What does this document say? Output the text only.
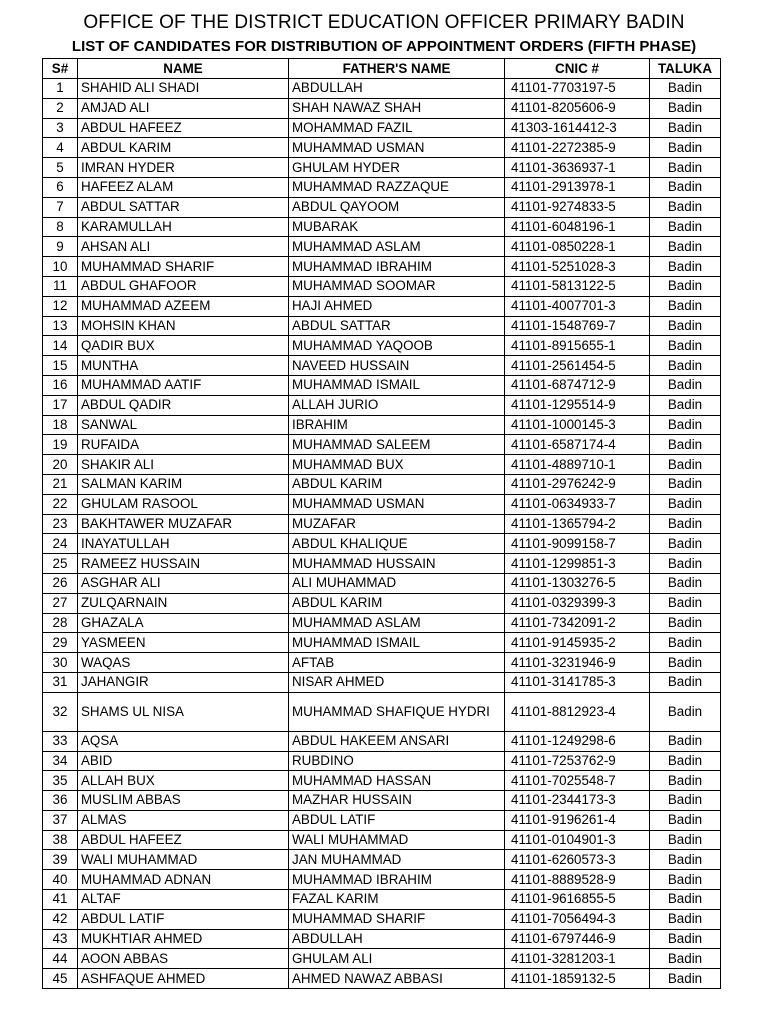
OFFICE OF THE DISTRICT EDUCATION OFFICER PRIMARY BADIN
LIST OF CANDIDATES FOR DISTRIBUTION OF APPOINTMENT ORDERS (FIFTH PHASE)
S#	NAME	FATHER'S NAME	CNIC #	TALUKA
1	SHAHID ALI SHADI	ABDULLAH	41101-7703197-5	Badin
2	AMJAD ALI	SHAH NAWAZ SHAH	41101-8205606-9	Badin
3	ABDUL HAFEEZ	MOHAMMAD FAZIL	41303-1614412-3	Badin
4	ABDUL KARIM	MUHAMMAD USMAN	41101-2272385-9	Badin
5	IMRAN HYDER	GHULAM HYDER	41101-3636937-1	Badin
6	HAFEEZ ALAM	MUHAMMAD RAZZAQUE	41101-2913978-1	Badin
7	ABDUL SATTAR	ABDUL QAYOOM	41101-9274833-5	Badin
8	KARAMULLAH	MUBARAK	41101-6048196-1	Badin
9	AHSAN ALI	MUHAMMAD ASLAM	41101-0850228-1	Badin
10	MUHAMMAD SHARIF	MUHAMMAD IBRAHIM	41101-5251028-3	Badin
11	ABDUL GHAFOOR	MUHAMMAD SOOMAR	41101-5813122-5	Badin
12	MUHAMMAD AZEEM	HAJI AHMED	41101-4007701-3	Badin
13	MOHSIN KHAN	ABDUL SATTAR	41101-1548769-7	Badin
14	QADIR BUX	MUHAMMAD YAQOOB	41101-8915655-1	Badin
15	MUNTHA	NAVEED HUSSAIN	41101-2561454-5	Badin
16	MUHAMMAD AATIF	MUHAMMAD ISMAIL	41101-6874712-9	Badin
17	ABDUL QADIR	ALLAH JURIO	41101-1295514-9	Badin
18	SANWAL	IBRAHIM	41101-1000145-3	Badin
19	RUFAIDA	MUHAMMAD SALEEM	41101-6587174-4	Badin
20	SHAKIR ALI	MUHAMMAD BUX	41101-4889710-1	Badin
21	SALMAN KARIM	ABDUL KARIM	41101-2976242-9	Badin
22	GHULAM RASOOL	MUHAMMAD USMAN	41101-0634933-7	Badin
23	BAKHTAWER MUZAFAR	MUZAFAR	41101-1365794-2	Badin
24	INAYATULLAH	ABDUL KHALIQUE	41101-9099158-7	Badin
25	RAMEEZ HUSSAIN	MUHAMMAD HUSSAIN	41101-1299851-3	Badin
26	ASGHAR ALI	ALI MUHAMMAD	41101-1303276-5	Badin
27	ZULQARNAIN	ABDUL KARIM	41101-0329399-3	Badin
28	GHAZALA	MUHAMMAD ASLAM	41101-7342091-2	Badin
29	YASMEEN	MUHAMMAD ISMAIL	41101-9145935-2	Badin
30	WAQAS	AFTAB	41101-3231946-9	Badin
31	JAHANGIR	NISAR AHMED	41101-3141785-3	Badin
32	SHAMS UL NISA	MUHAMMAD SHAFIQUE HYDRI	41101-8812923-4	Badin
33	AQSA	ABDUL HAKEEM ANSARI	41101-1249298-6	Badin
34	ABID	RUBDINO	41101-7253762-9	Badin
35	ALLAH BUX	MUHAMMAD HASSAN	41101-7025548-7	Badin
36	MUSLIM ABBAS	MAZHAR HUSSAIN	41101-2344173-3	Badin
37	ALMAS	ABDUL LATIF	41101-9196261-4	Badin
38	ABDUL HAFEEZ	WALI MUHAMMAD	41101-0104901-3	Badin
39	WALI MUHAMMAD	JAN MUHAMMAD	41101-6260573-3	Badin
40	MUHAMMAD ADNAN	MUHAMMAD IBRAHIM	41101-8889528-9	Badin
41	ALTAF	FAZAL KARIM	41101-9616855-5	Badin
42	ABDUL LATIF	MUHAMMAD SHARIF	41101-7056494-3	Badin
43	MUKHTIAR AHMED	ABDULLAH	41101-6797446-9	Badin
44	AOON ABBAS	GHULAM ALI	41101-3281203-1	Badin
45	ASHFAQUE AHMED	AHMED NAWAZ ABBASI	41101-1859132-5	Badin
